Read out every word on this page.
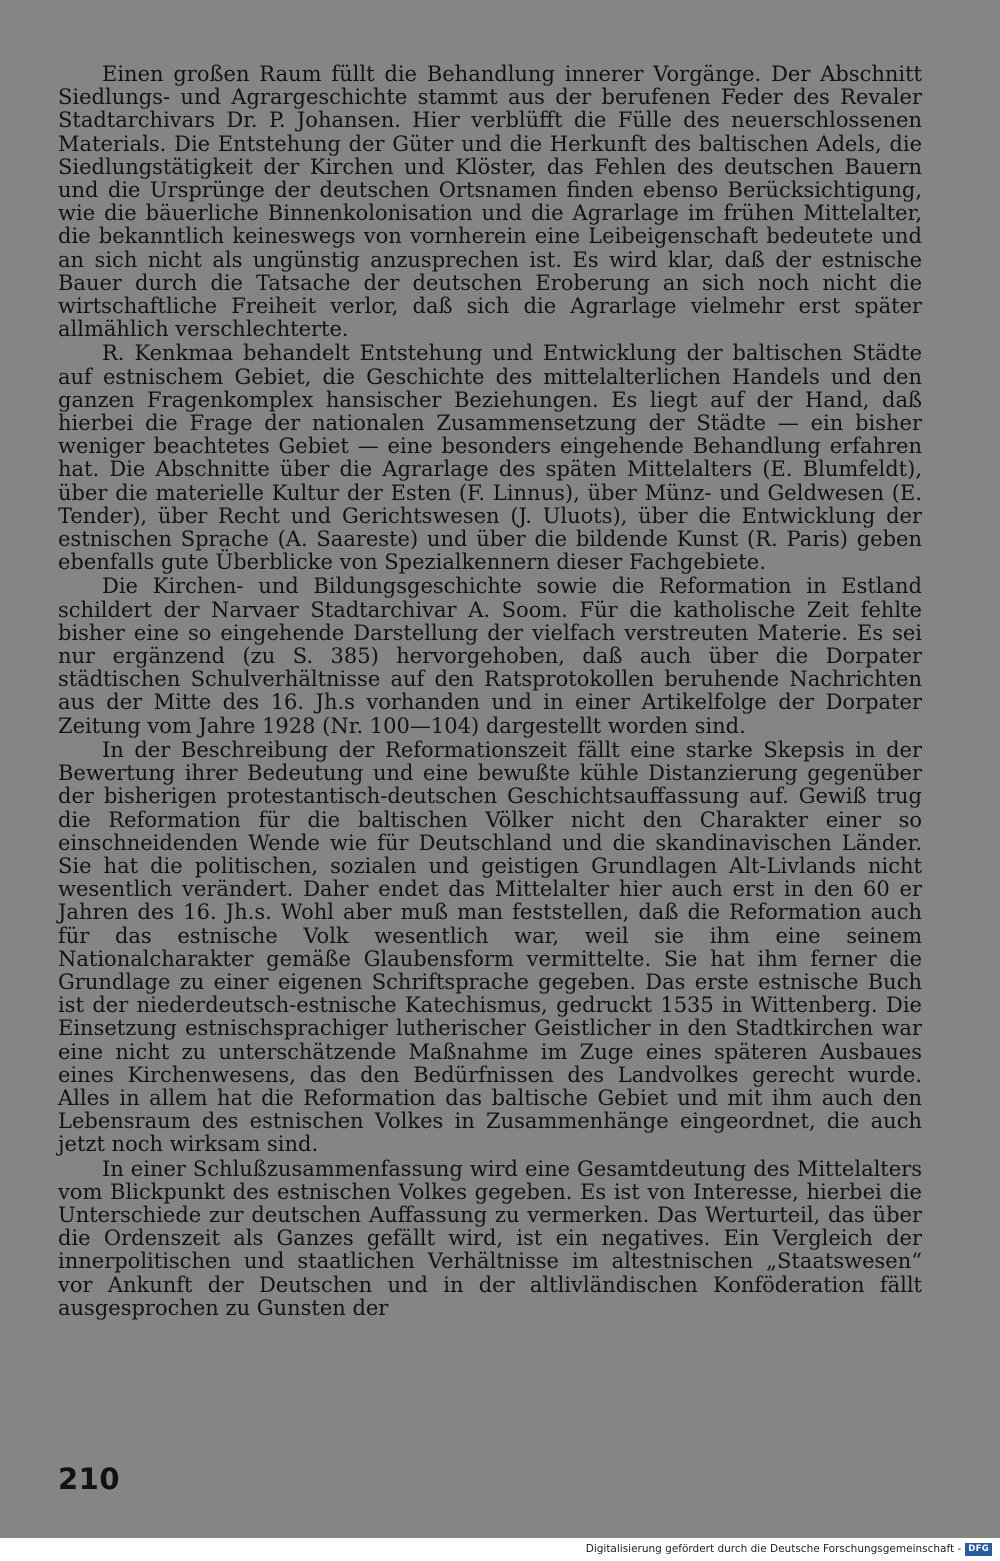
Einen großen Raum füllt die Behandlung innerer Vorgänge. Der Abschnitt Siedlungs- und Agrargeschichte stammt aus der berufenen Feder des Revaler Stadtarchivars Dr. P. Johansen. Hier verblüfft die Fülle des neuerschlossenen Materials. Die Entstehung der Güter und die Herkunft des baltischen Adels, die Siedlungstätigkeit der Kirchen und Klöster, das Fehlen des deutschen Bauern und die Ursprünge der deutschen Ortsnamen finden ebenso Berücksichtigung, wie die bäuerliche Binnenkolonisation und die Agrarlage im frühen Mittelalter, die bekanntlich keineswegs von vornherein eine Leibeigenschaft bedeutete und an sich nicht als ungünstig anzusprechen ist. Es wird klar, daß der estnische Bauer durch die Tatsache der deutschen Eroberung an sich noch nicht die wirtschaftliche Freiheit verlor, daß sich die Agrarlage vielmehr erst später allmählich verschlechterte.

R. Kenkmaa behandelt Entstehung und Entwicklung der baltischen Städte auf estnischem Gebiet, die Geschichte des mittelalterlichen Handels und den ganzen Fragenkomplex hansischer Beziehungen. Es liegt auf der Hand, daß hierbei die Frage der nationalen Zusammensetzung der Städte — ein bisher weniger beachtetes Gebiet — eine besonders eingehende Behandlung erfahren hat. Die Abschnitte über die Agrarlage des späten Mittelalters (E. Blumfeldt), über die materielle Kultur der Esten (F. Linnus), über Münz- und Geldwesen (E. Tender), über Recht und Gerichtswesen (J. Uluots), über die Entwicklung der estnischen Sprache (A. Saareste) und über die bildende Kunst (R. Paris) geben ebenfalls gute Überblicke von Spezialkennern dieser Fachgebiete.

Die Kirchen- und Bildungsgeschichte sowie die Reformation in Estland schildert der Narvaer Stadtarchivar A. Soom. Für die katholische Zeit fehlte bisher eine so eingehende Darstellung der vielfach verstreuten Materie. Es sei nur ergänzend (zu S. 385) hervorgehoben, daß auch über die Dorpater städtischen Schulverhältnisse auf den Ratsprotokollen beruhende Nachrichten aus der Mitte des 16. Jh.s vorhanden und in einer Artikelfolge der Dorpater Zeitung vom Jahre 1928 (Nr. 100—104) dargestellt worden sind.

In der Beschreibung der Reformationszeit fällt eine starke Skepsis in der Bewertung ihrer Bedeutung und eine bewußte kühle Distanzierung gegenüber der bisherigen protestantisch-deutschen Geschichtsauffassung auf. Gewiß trug die Reformation für die baltischen Völker nicht den Charakter einer so einschneidenden Wende wie für Deutschland und die skandinavischen Länder. Sie hat die politischen, sozialen und geistigen Grundlagen Alt-Livlands nicht wesentlich verändert. Daher endet das Mittelalter hier auch erst in den 60 er Jahren des 16. Jh.s. Wohl aber muß man feststellen, daß die Reformation auch für das estnische Volk wesentlich war, weil sie ihm eine seinem Nationalcharakter gemäße Glaubensform vermittelte. Sie hat ihm ferner die Grundlage zu einer eigenen Schriftsprache gegeben. Das erste estnische Buch ist der niederdeutsch-estnische Katechismus, gedruckt 1535 in Wittenberg. Die Einsetzung estnischsprachiger lutherischer Geistlicher in den Stadtkirchen war eine nicht zu unterschätzende Maßnahme im Zuge eines späteren Ausbaues eines Kirchenwesens, das den Bedürfnissen des Landvolkes gerecht wurde. Alles in allem hat die Reformation das baltische Gebiet und mit ihm auch den Lebensraum des estnischen Volkes in Zusammenhänge eingeordnet, die auch jetzt noch wirksam sind.

In einer Schlußzusammenfassung wird eine Gesamtdeutung des Mittelalters vom Blickpunkt des estnischen Volkes gegeben. Es ist von Interesse, hierbei die Unterschiede zur deutschen Auffassung zu vermerken. Das Werturteil, das über die Ordenszeit als Ganzes gefällt wird, ist ein negatives. Ein Vergleich der innerpolitischen und staatlichen Verhältnisse im altestnischen „Staatswesen“ vor Ankunft der Deutschen und in der altlivländischen Konföderation fällt ausgesprochen zu Gunsten der

210
Digitalisierung gefördert durch die Deutsche Forschungsgemeinschaft - DFG
